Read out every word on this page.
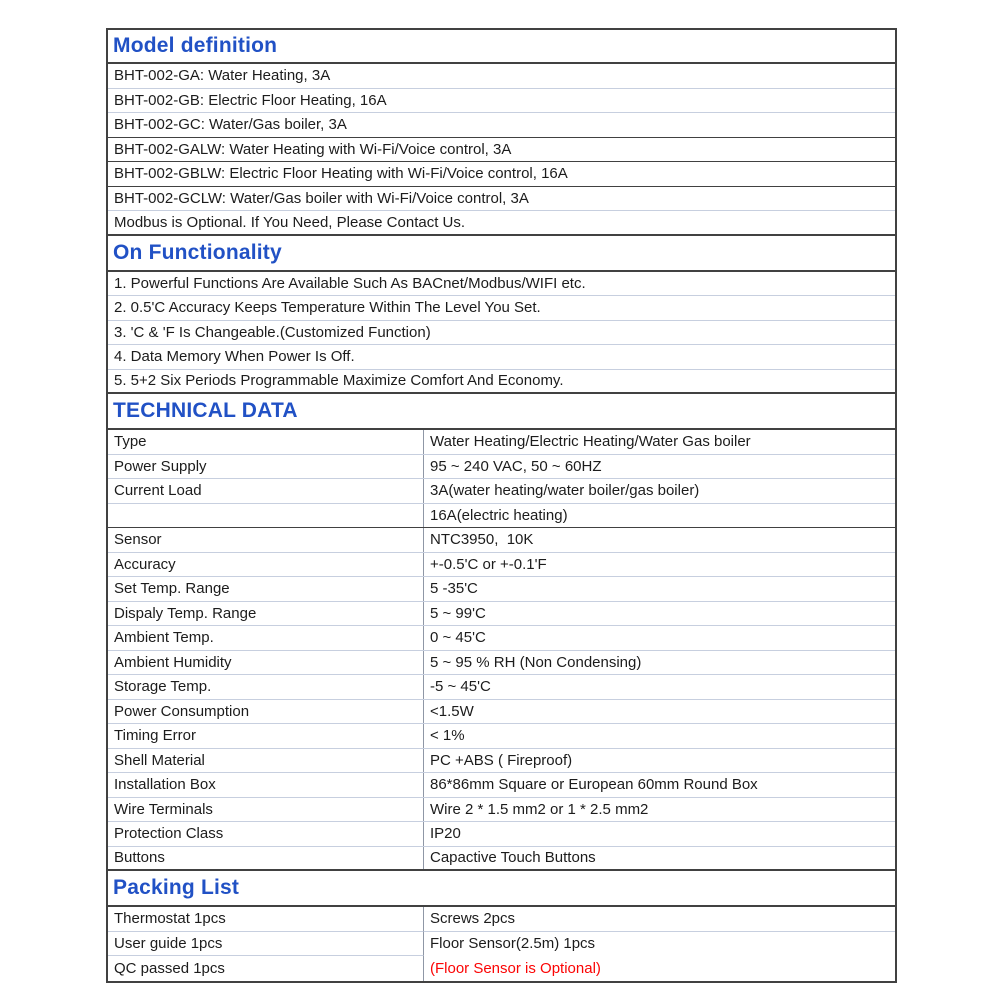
Model definition
BHT-002-GA: Water Heating, 3A
BHT-002-GB: Electric Floor Heating, 16A
BHT-002-GC: Water/Gas boiler, 3A
BHT-002-GALW: Water Heating with Wi-Fi/Voice control, 3A
BHT-002-GBLW: Electric Floor Heating with Wi-Fi/Voice control, 16A
BHT-002-GCLW: Water/Gas boiler with Wi-Fi/Voice control, 3A
Modbus is Optional. If You Need, Please Contact Us.
On Functionality
1. Powerful Functions Are Available Such As BACnet/Modbus/WIFI etc.
2. 0.5'C Accuracy Keeps Temperature Within The Level You Set.
3. 'C & 'F Is Changeable.(Customized Function)
4. Data Memory When Power Is Off.
5. 5+2 Six Periods Programmable Maximize Comfort And Economy.
TECHNICAL DATA
Type	Water Heating/Electric Heating/Water Gas boiler
Power Supply	95 ~ 240 VAC, 50 ~ 60HZ
Current Load	3A(water heating/water boiler/gas boiler)
16A(electric heating)
Sensor	NTC3950,  10K
Accuracy	+-0.5'C or +-0.1'F
Set Temp. Range	5 -35'C
Dispaly Temp. Range	5 ~ 99'C
Ambient Temp.	0 ~ 45'C
Ambient Humidity	5 ~ 95 % RH (Non Condensing)
Storage Temp.	-5 ~ 45'C
Power Consumption	<1.5W
Timing Error	< 1%
Shell Material	PC +ABS ( Fireproof)
Installation Box	86*86mm Square or European 60mm Round Box
Wire Terminals	Wire 2 * 1.5 mm2 or 1 * 2.5 mm2
Protection Class	IP20
Buttons	Capactive Touch Buttons
Packing List
Thermostat 1pcs	Screws 2pcs
User guide 1pcs	Floor Sensor(2.5m) 1pcs
QC passed 1pcs	(Floor Sensor is Optional)
